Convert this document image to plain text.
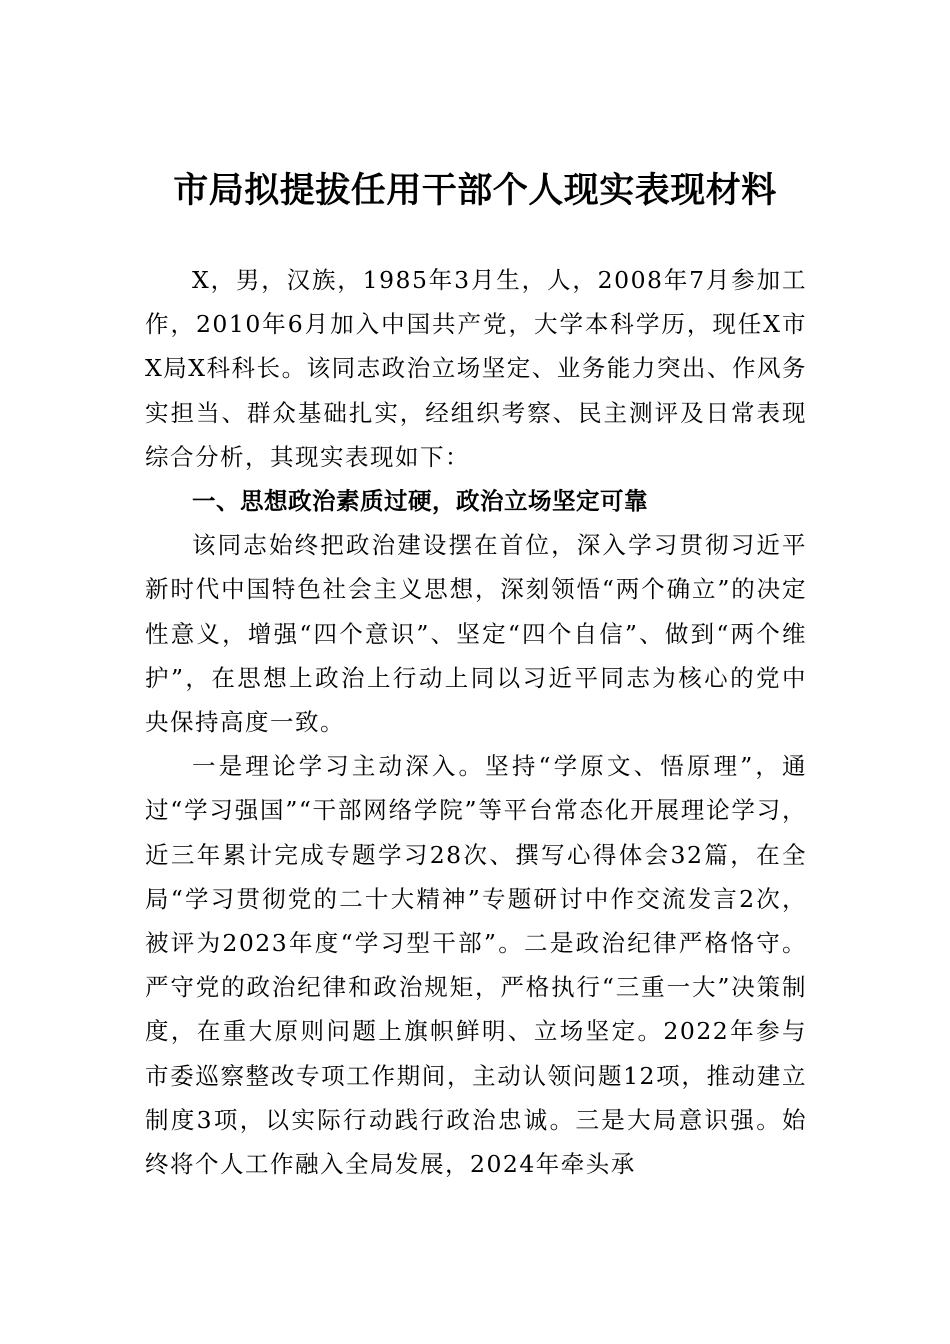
市局拟提拔任用干部个人现实表现材料

X，男，汉族，1985年3月生，人，2008年7月参加工作，2010年6月加入中国共产党，大学本科学历，现任X市X局X科科长。该同志政治立场坚定、业务能力突出、作风务实担当、群众基础扎实，经组织考察、民主测评及日常表现综合分析，其现实表现如下：

一、思想政治素质过硬，政治立场坚定可靠

该同志始终把政治建设摆在首位，深入学习贯彻习近平新时代中国特色社会主义思想，深刻领悟“两个确立”的决定性意义，增强“四个意识”、坚定“四个自信”、做到“两个维护”，在思想上政治上行动上同以习近平同志为核心的党中央保持高度一致。

一是理论学习主动深入。坚持“学原文、悟原理”，通过“学习强国”“干部网络学院”等平台常态化开展理论学习，近三年累计完成专题学习28次、撰写心得体会32篇，在全局“学习贯彻党的二十大精神”专题研讨中作交流发言2次，被评为2023年度“学习型干部”。二是政治纪律严格恪守。严守党的政治纪律和政治规矩，严格执行“三重一大”决策制度，在重大原则问题上旗帜鲜明、立场坚定。2022年参与市委巡察整改专项工作期间，主动认领问题12项，推动建立制度3项，以实际行动践行政治忠诚。三是大局意识强。始终将个人工作融入全局发展，2024年牵头承
